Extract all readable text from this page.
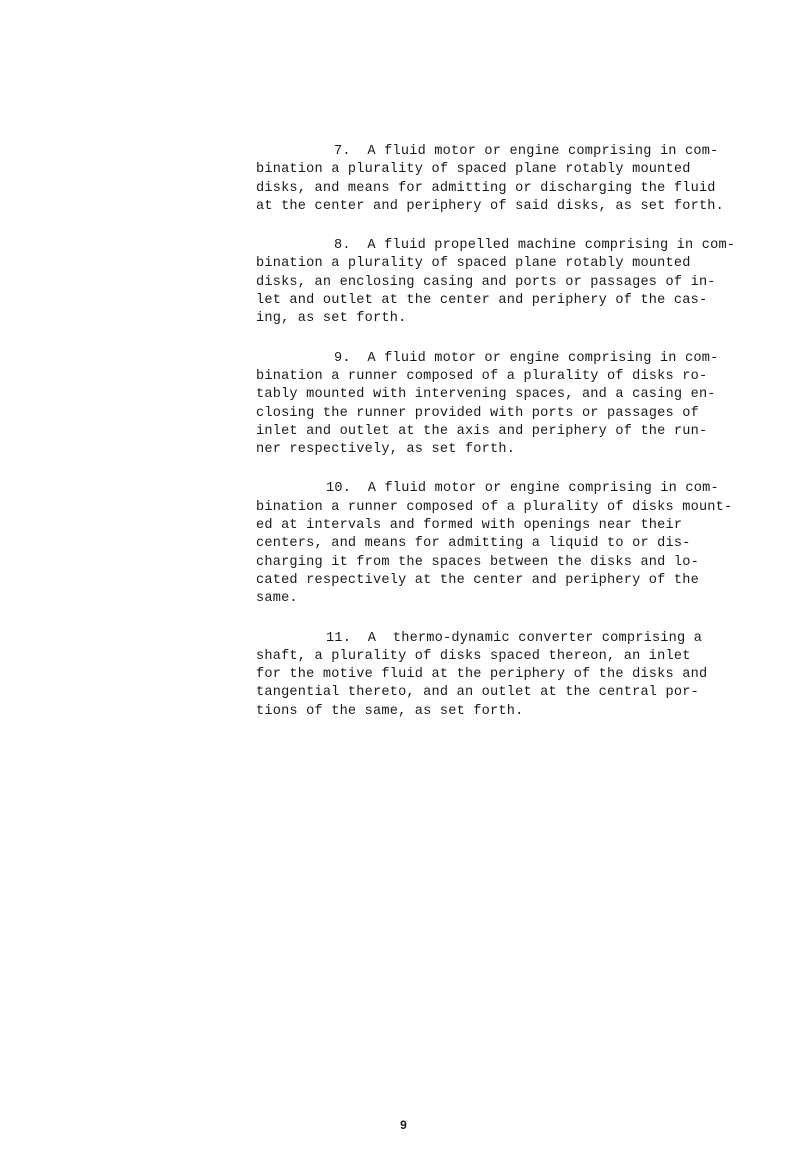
7.  A fluid motor or engine comprising in com-
bination a plurality of spaced plane rotably mounted
disks, and means for admitting or discharging the fluid
at the center and periphery of said disks, as set forth.
8.  A fluid propelled machine comprising in com-
bination a plurality of spaced plane rotably mounted
disks, an enclosing casing and ports or passages of in-
let and outlet at the center and periphery of the cas-
ing, as set forth.
9.  A fluid motor or engine comprising in com-
bination a runner composed of a plurality of disks ro-
tably mounted with intervening spaces, and a casing en-
closing the runner provided with ports or passages of
inlet and outlet at the axis and periphery of the run-
ner respectively, as set forth.
10.  A fluid motor or engine comprising in com-
bination a runner composed of a plurality of disks mount-
ed at intervals and formed with openings near their
centers, and means for admitting a liquid to or dis-
charging it from the spaces between the disks and lo-
cated respectively at the center and periphery of the
same.
11.  A  thermo-dynamic converter comprising a
shaft, a plurality of disks spaced thereon, an inlet
for the motive fluid at the periphery of the disks and
tangential thereto, and an outlet at the central por-
tions of the same, as set forth.
9
